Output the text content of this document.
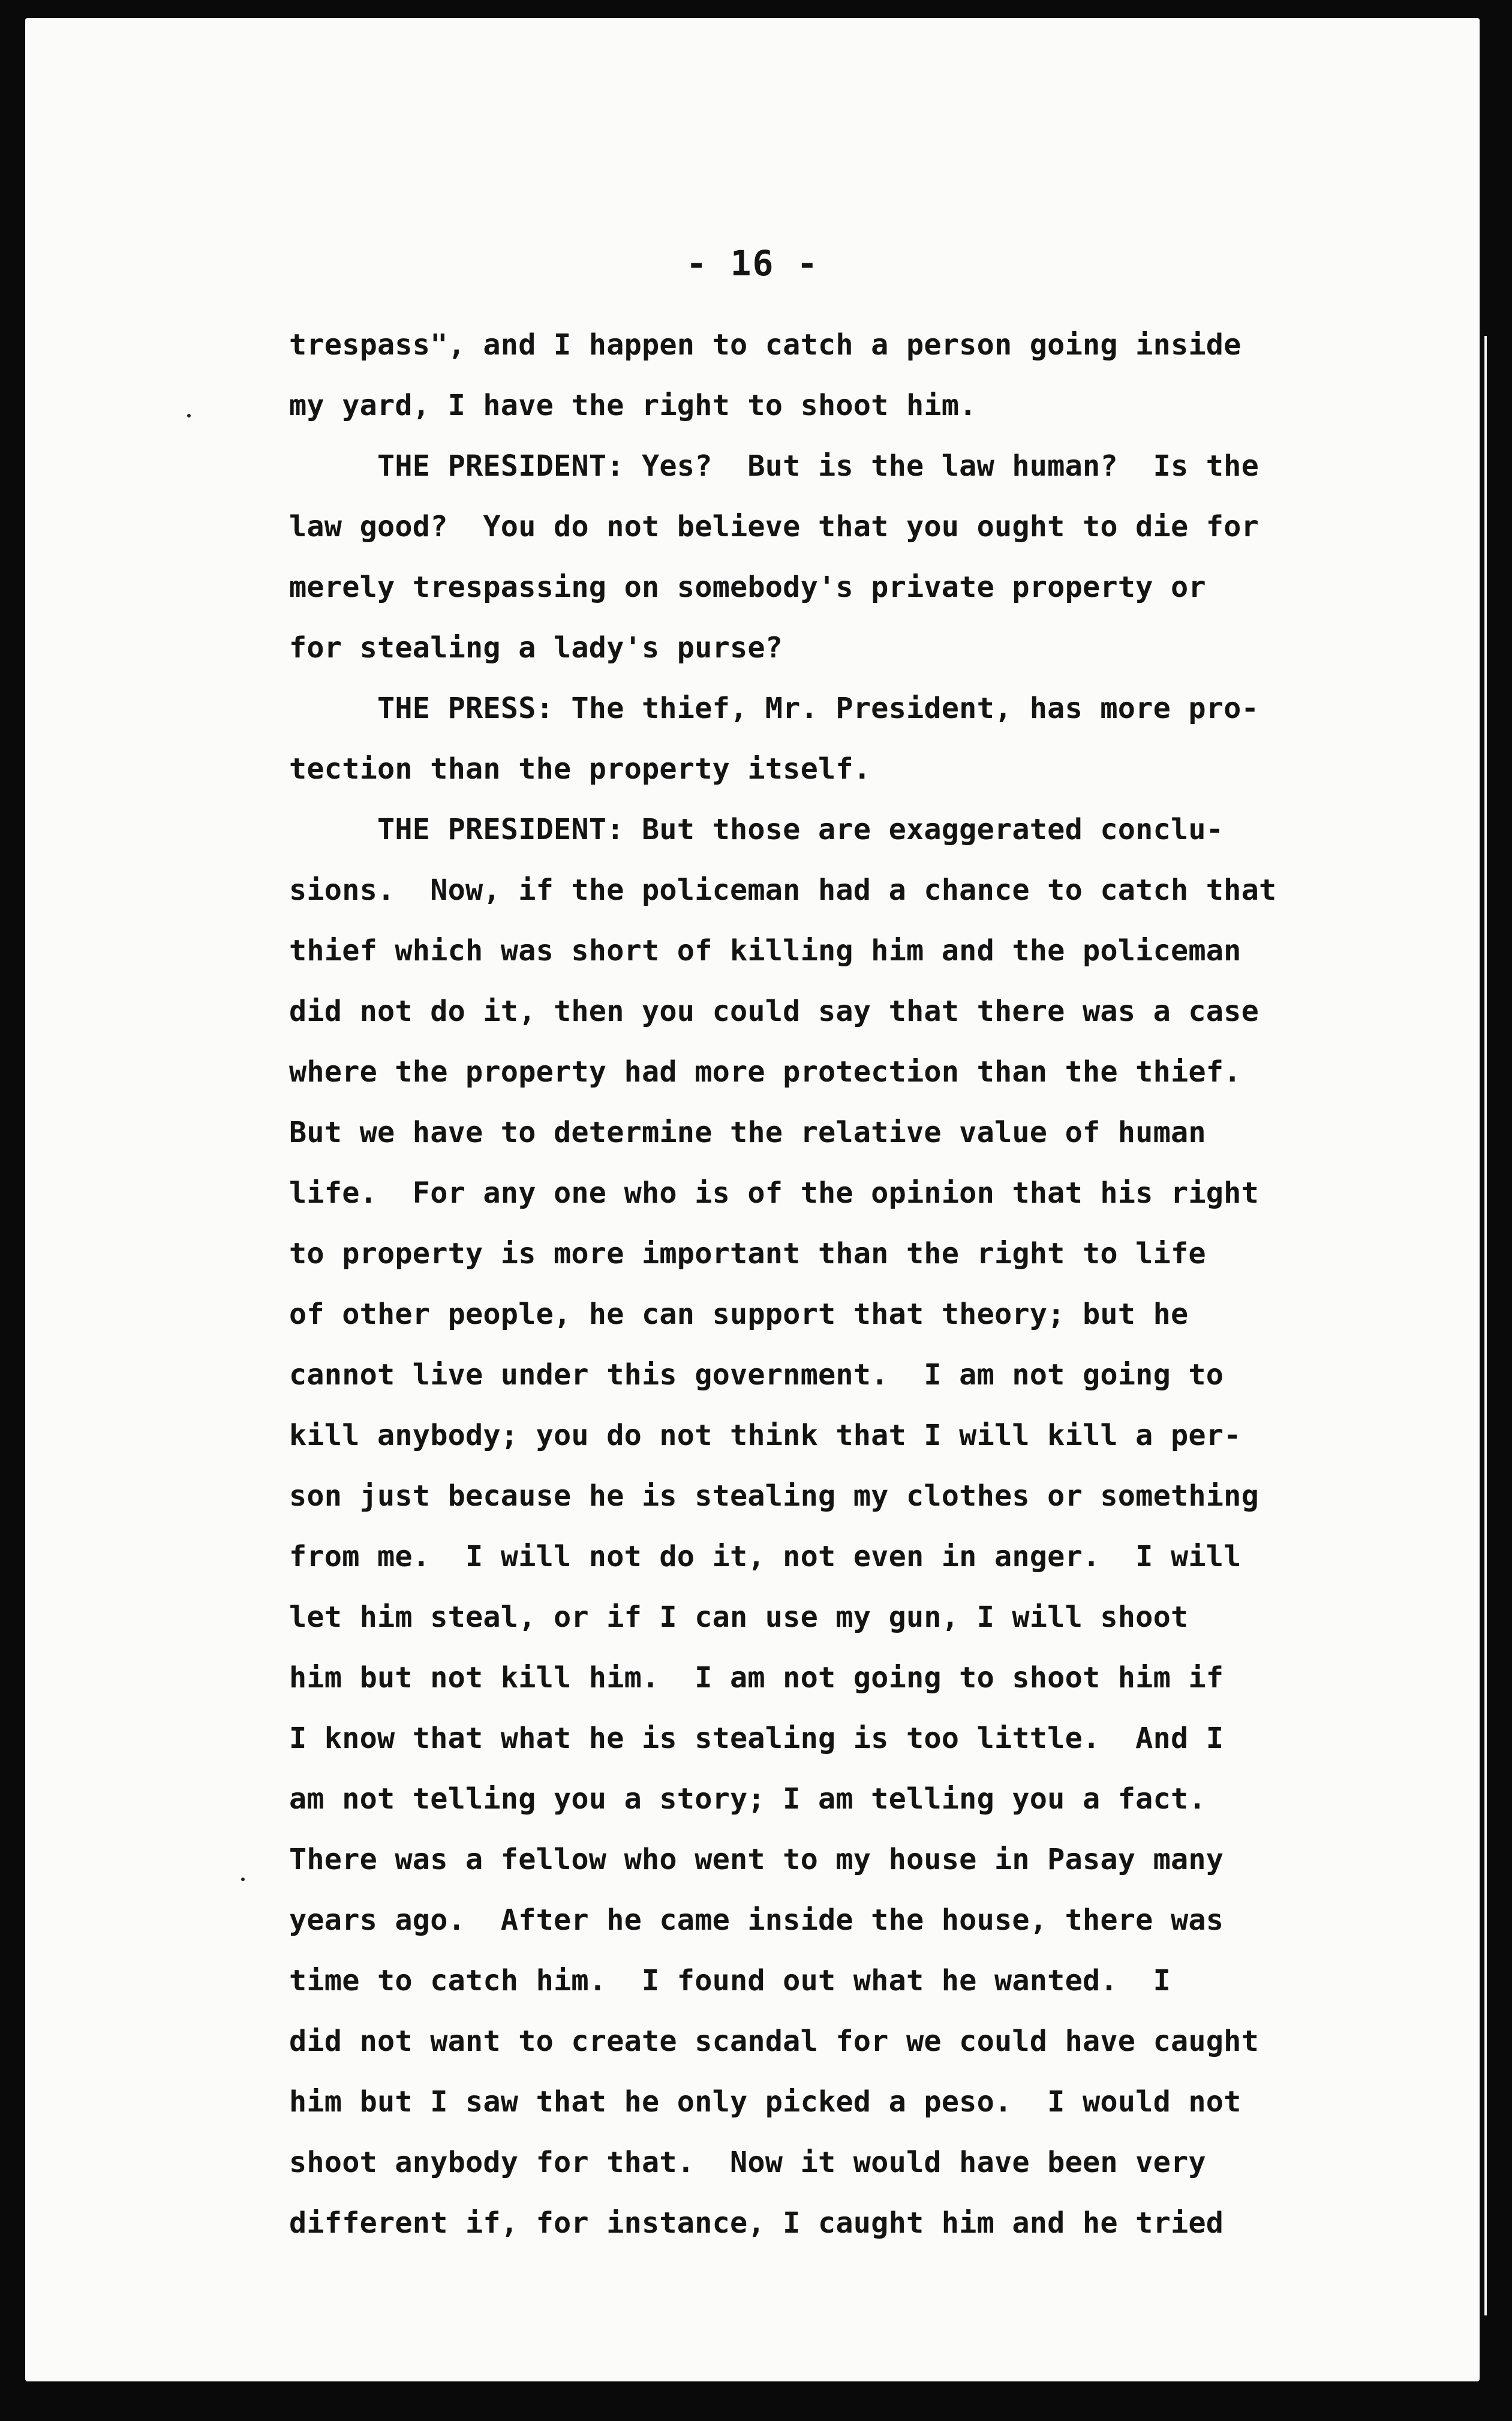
- 16 -
trespass", and I happen to catch a person going inside
my yard, I have the right to shoot him.
THE PRESIDENT: Yes?  But is the law human?  Is the
law good?  You do not believe that you ought to die for
merely trespassing on somebody's private property or
for stealing a lady's purse?
THE PRESS: The thief, Mr. President, has more pro-
tection than the property itself.
THE PRESIDENT: But those are exaggerated conclu-
sions.  Now, if the policeman had a chance to catch that
thief which was short of killing him and the policeman
did not do it, then you could say that there was a case
where the property had more protection than the thief.
But we have to determine the relative value of human
life.  For any one who is of the opinion that his right
to property is more important than the right to life
of other people, he can support that theory; but he
cannot live under this government.  I am not going to
kill anybody; you do not think that I will kill a per-
son just because he is stealing my clothes or something
from me.  I will not do it, not even in anger.  I will
let him steal, or if I can use my gun, I will shoot
him but not kill him.  I am not going to shoot him if
I know that what he is stealing is too little.  And I
am not telling you a story; I am telling you a fact.
There was a fellow who went to my house in Pasay many
years ago.  After he came inside the house, there was
time to catch him.  I found out what he wanted.  I
did not want to create scandal for we could have caught
him but I saw that he only picked a peso.  I would not
shoot anybody for that.  Now it would have been very
different if, for instance, I caught him and he tried
